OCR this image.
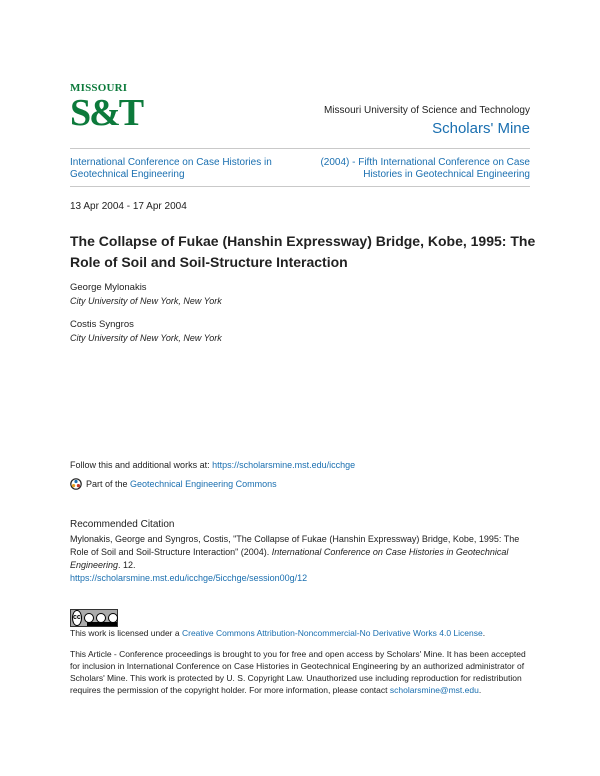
MISSOURI
S&T	Missouri University of Science and Technology
Scholars' Mine
International Conference on Case Histories in Geotechnical Engineering
(2004) - Fifth International Conference on Case Histories in Geotechnical Engineering
13 Apr 2004 - 17 Apr 2004
The Collapse of Fukae (Hanshin Expressway) Bridge, Kobe, 1995: The Role of Soil and Soil-Structure Interaction
George Mylonakis
City University of New York, New York
Costis Syngros
City University of New York, New York
Follow this and additional works at: https://scholarsmine.mst.edu/icchge
Part of the
Geotechnical Engineering Commons
Recommended Citation
Mylonakis, George and Syngros, Costis, "The Collapse of Fukae (Hanshin Expressway) Bridge, Kobe, 1995: The Role of Soil and Soil-Structure Interaction" (2004). International Conference on Case Histories in Geotechnical Engineering. 12.
https://scholarsmine.mst.edu/icchge/5icchge/session00g/12
cc
This work is licensed under a Creative Commons Attribution-Noncommercial-No Derivative Works 4.0 License.
This Article - Conference proceedings is brought to you for free and open access by Scholars' Mine. It has been accepted for inclusion in International Conference on Case Histories in Geotechnical Engineering by an authorized administrator of Scholars' Mine. This work is protected by U. S. Copyright Law. Unauthorized use including reproduction for redistribution requires the permission of the copyright holder. For more information, please contact scholarsmine@mst.edu.
